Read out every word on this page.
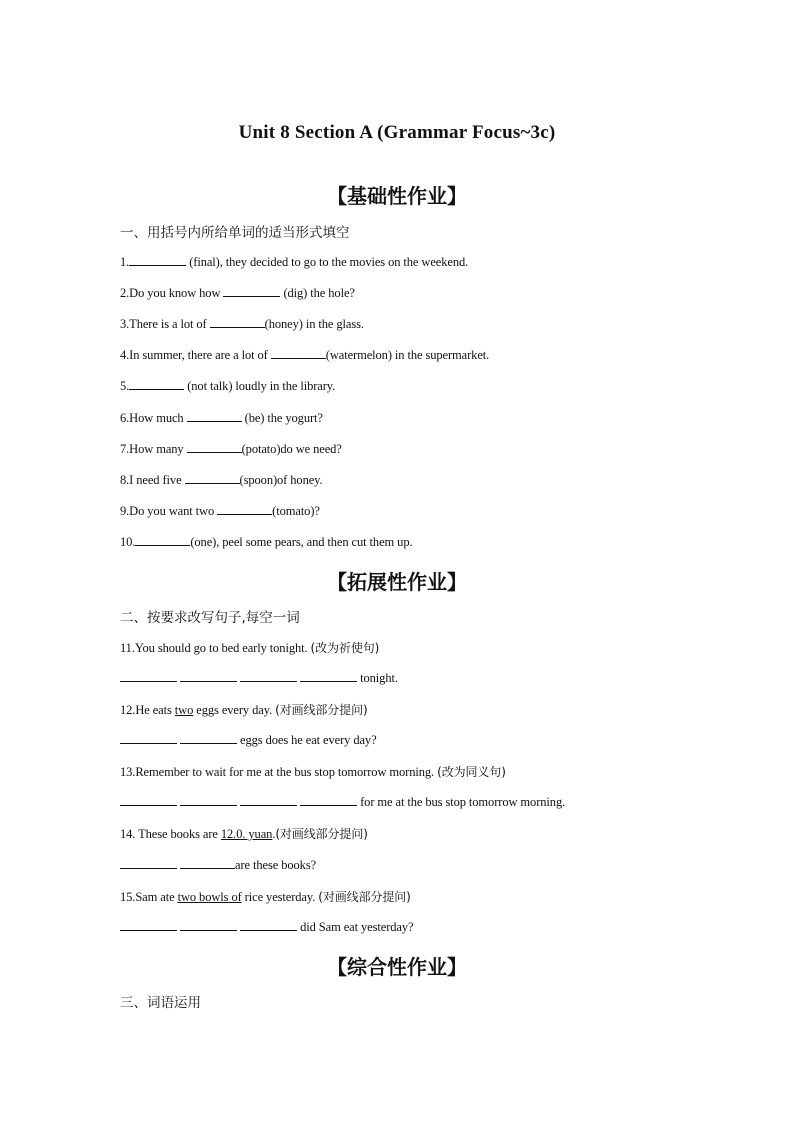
Unit 8 Section A (Grammar Focus~3c)
【基础性作业】
一、用括号内所给单词的适当形式填空
1.	(final), they decided to go to the movies on the weekend.
2.Do you know how	(dig) the hole?
3.There is a lot of	(honey) in the glass.
4.In summer, there are a lot of	(watermelon) in the supermarket.
5.	(not talk) loudly in the library.
6.How much	(be) the yogurt?
7.How many	(potato)do we need?
8.I need five	(spoon)of honey.
9.Do you want two	(tomato)?
10.	(one), peel some pears, and then cut them up.
【拓展性作业】
二、按要求改写句子,每空一词
11.You should go to bed early tonight. (改为祈使句)
tonight.
12.He eats two eggs every day. (对画线部分提问)
eggs does he eat every day?
13.Remember to wait for me at the bus stop tomorrow morning. (改为同义句)
for me at the bus stop tomorrow morning.
14. These books are 12.0. yuan.(对画线部分提问)
are these books?
15.Sam ate two bowls of rice yesterday. (对画线部分提问)
did Sam eat yesterday?
【综合性作业】
三、词语运用
